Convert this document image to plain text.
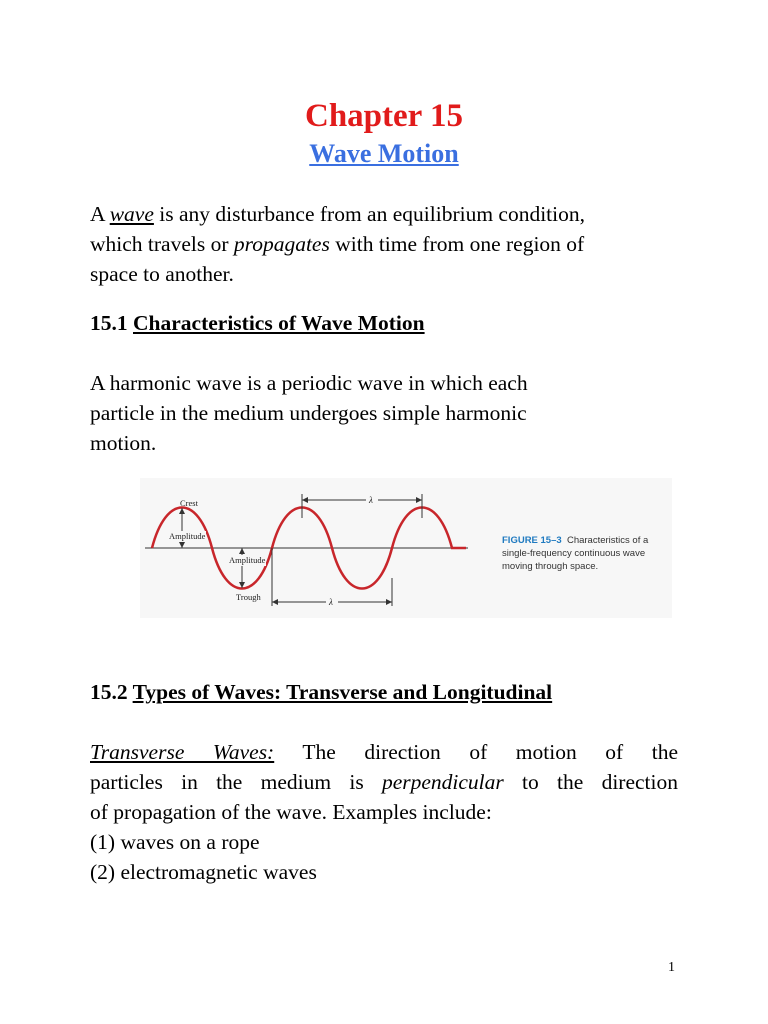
Chapter 15
Wave Motion

A wave is any disturbance from an equilibrium condition,
which travels or propagates with time from one region of
space to another.

15.1 Characteristics of Wave Motion

A harmonic wave is a periodic wave in which each
particle in the medium undergoes simple harmonic
motion.

Crest
Amplitude
Amplitude
Trough
λ
λ
FIGURE 15–3 Characteristics of a
single-frequency continuous wave
moving through space.
15.2 Types of Waves: Transverse and Longitudinal

Transverse Waves: The direction of motion of the
particles in the medium is perpendicular to the direction
of propagation of the wave. Examples include:
(1) waves on a rope
(2) electromagnetic waves

1
